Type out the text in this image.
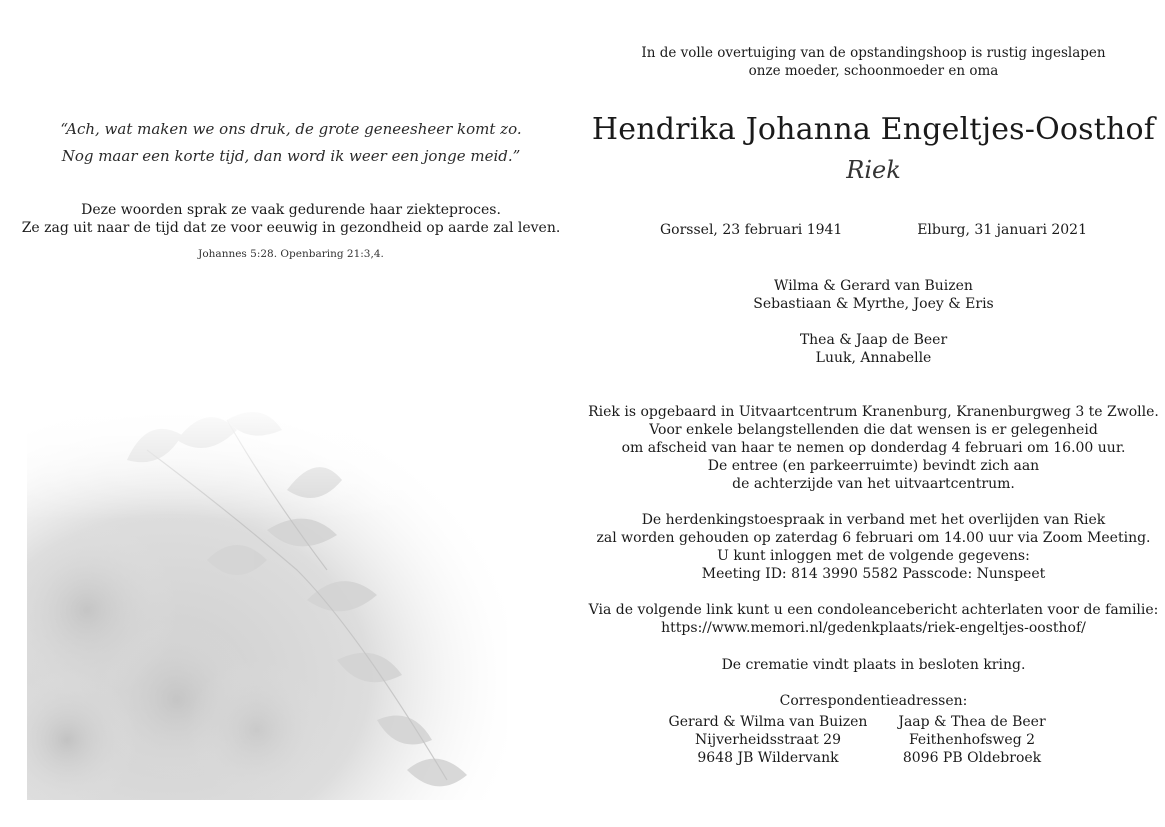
“Ach, wat maken we ons druk, de grote geneesheer komt zo.
Nog maar een korte tijd, dan word ik weer een jonge meid.”
Deze woorden sprak ze vaak gedurende haar ziekteproces.
Ze zag uit naar de tijd dat ze voor eeuwig in gezondheid op aarde zal leven.
Johannes 5:28. Openbaring 21:3,4.
In de volle overtuiging van de opstandingshoop is rustig ingeslapen
onze moeder, schoonmoeder en oma
Hendrika Johanna Engeltjes-Oosthof
Riek
Gorssel, 23 februari 1941	Elburg, 31 januari 2021
Wilma & Gerard van Buizen
Sebastiaan & Myrthe, Joey & Eris
Thea & Jaap de Beer
Luuk, Annabelle
Riek is opgebaard in Uitvaartcentrum Kranenburg, Kranenburgweg 3 te Zwolle.
Voor enkele belangstellenden die dat wensen is er gelegenheid
om afscheid van haar te nemen op donderdag 4 februari om 16.00 uur.
De entree (en parkeerruimte) bevindt zich aan
de achterzijde van het uitvaartcentrum.
De herdenkingstoespraak in verband met het overlijden van Riek
zal worden gehouden op zaterdag 6 februari om 14.00 uur via Zoom Meeting.
U kunt inloggen met de volgende gegevens:
Meeting ID: 814 3990 5582 Passcode: Nunspeet
Via de volgende link kunt u een condoleancebericht achterlaten voor de familie:
https://www.memori.nl/gedenkplaats/riek-engeltjes-oosthof/
De crematie vindt plaats in besloten kring.
Correspondentieadressen:
Gerard & Wilma van Buizen
Nijverheidsstraat 29
9648 JB Wildervank
Jaap & Thea de Beer
Feithenhofsweg 2
8096 PB Oldebroek
